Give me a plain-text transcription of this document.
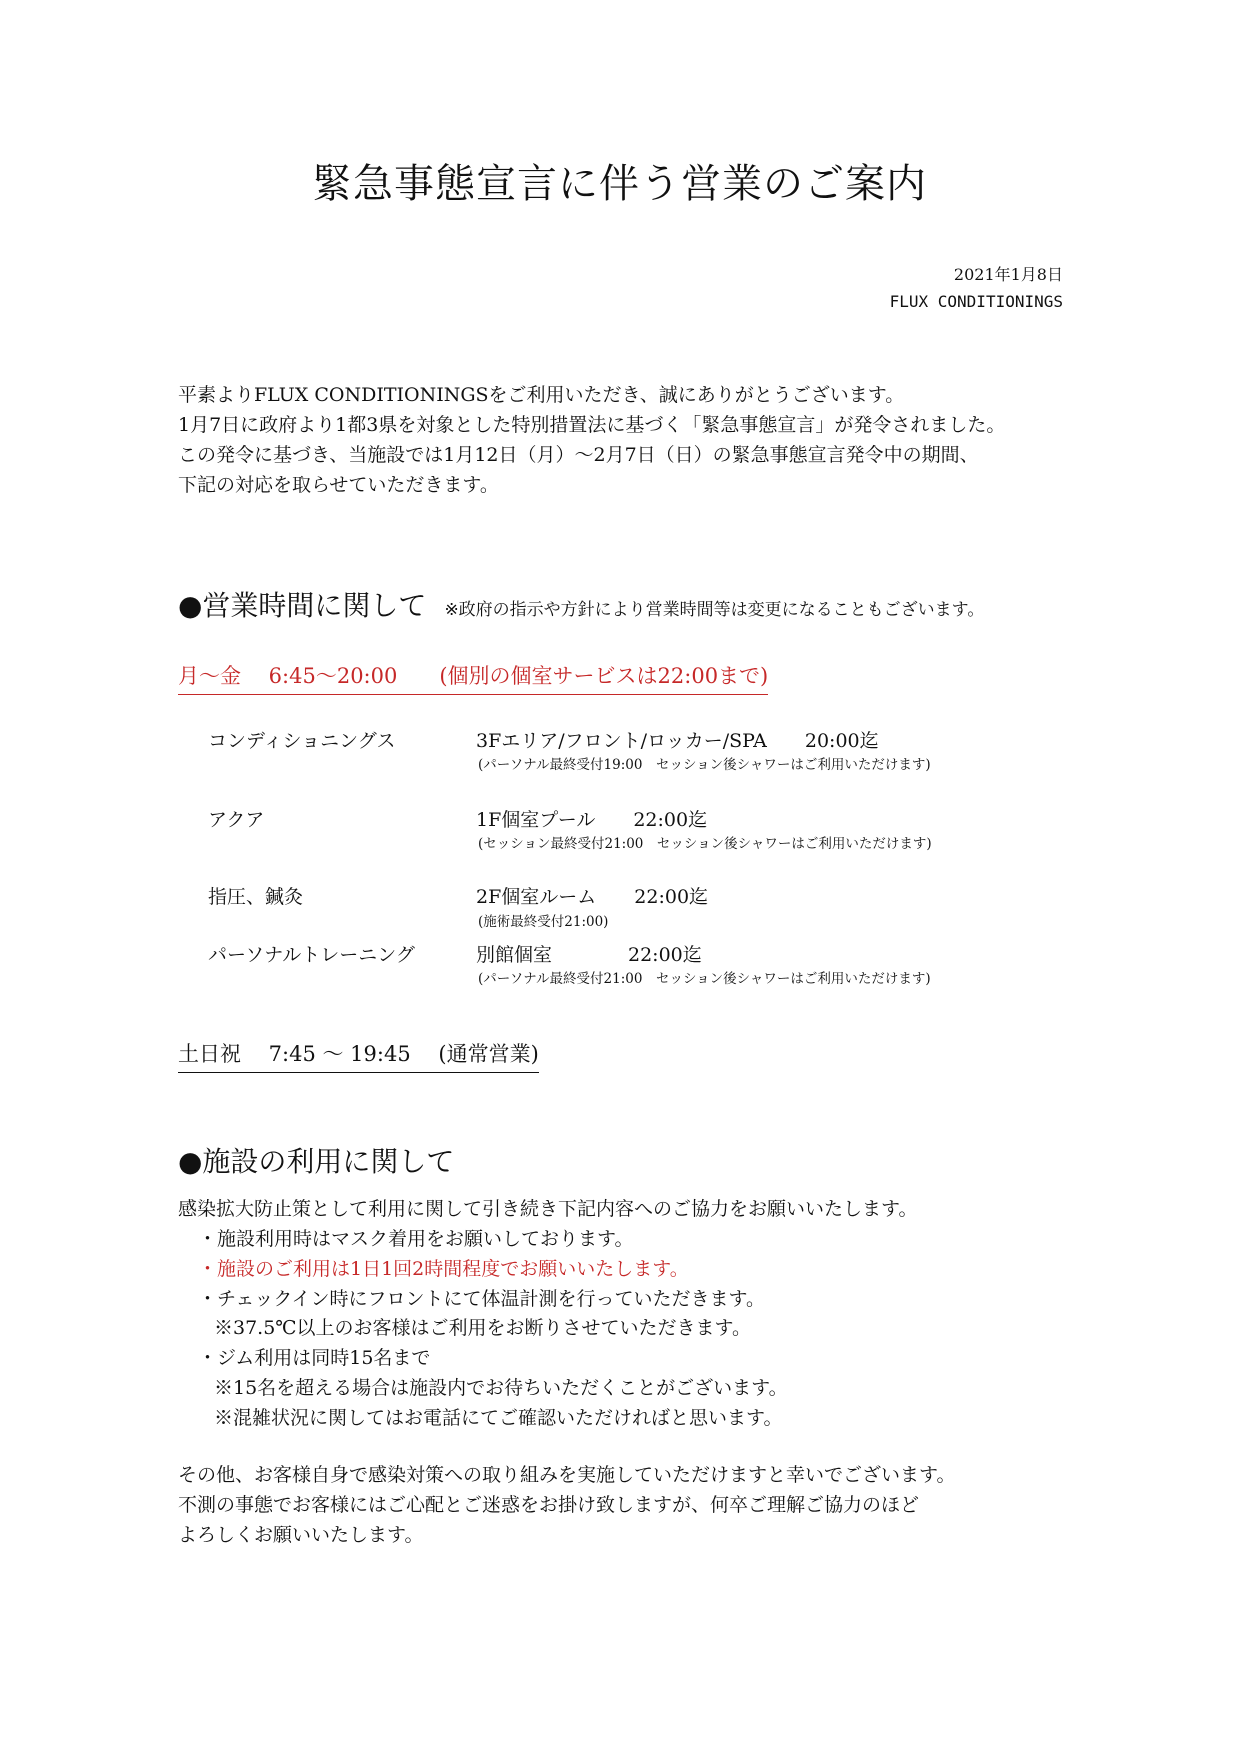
緊急事態宣言に伴う営業のご案内
2021年1月8日
FLUX CONDITIONINGS
平素よりFLUX CONDITIONINGSをご利用いただき、誠にありがとうございます。
1月7日に政府より1都3県を対象とした特別措置法に基づく「緊急事態宣言」が発令されました。
この発令に基づき、当施設では1月12日（月）〜2月7日（日）の緊急事態宣言発令中の期間、
下記の対応を取らせていただきます。
●営業時間に関して ※政府の指示や方針により営業時間等は変更になることもございます。
月〜金　 6:45〜20:00　　(個別の個室サービスは22:00まで)
コンディショニングス	3Fエリア/フロント/ロッカー/SPA　　20:00迄
(パーソナル最終受付19:00　セッション後シャワーはご利用いただけます)
アクア	1F個室プール　　22:00迄
(セッション最終受付21:00　セッション後シャワーはご利用いただけます)
指圧、鍼灸	2F個室ルーム　　22:00迄
(施術最終受付21:00)
パーソナルトレーニング	別館個室　　　　22:00迄
(パーソナル最終受付21:00　セッション後シャワーはご利用いただけます)
土日祝　 7:45 〜 19:45　 (通常営業)
●施設の利用に関して
感染拡大防止策として利用に関して引き続き下記内容へのご協力をお願いいたします。
・施設利用時はマスク着用をお願いしております。
・施設のご利用は1日1回2時間程度でお願いいたします。
・チェックイン時にフロントにて体温計測を行っていただきます。
※37.5℃以上のお客様はご利用をお断りさせていただきます。
・ジム利用は同時15名まで
※15名を超える場合は施設内でお待ちいただくことがございます。
※混雑状況に関してはお電話にてご確認いただければと思います。
その他、お客様自身で感染対策への取り組みを実施していただけますと幸いでございます。
不測の事態でお客様にはご心配とご迷惑をお掛け致しますが、何卒ご理解ご協力のほど
よろしくお願いいたします。
